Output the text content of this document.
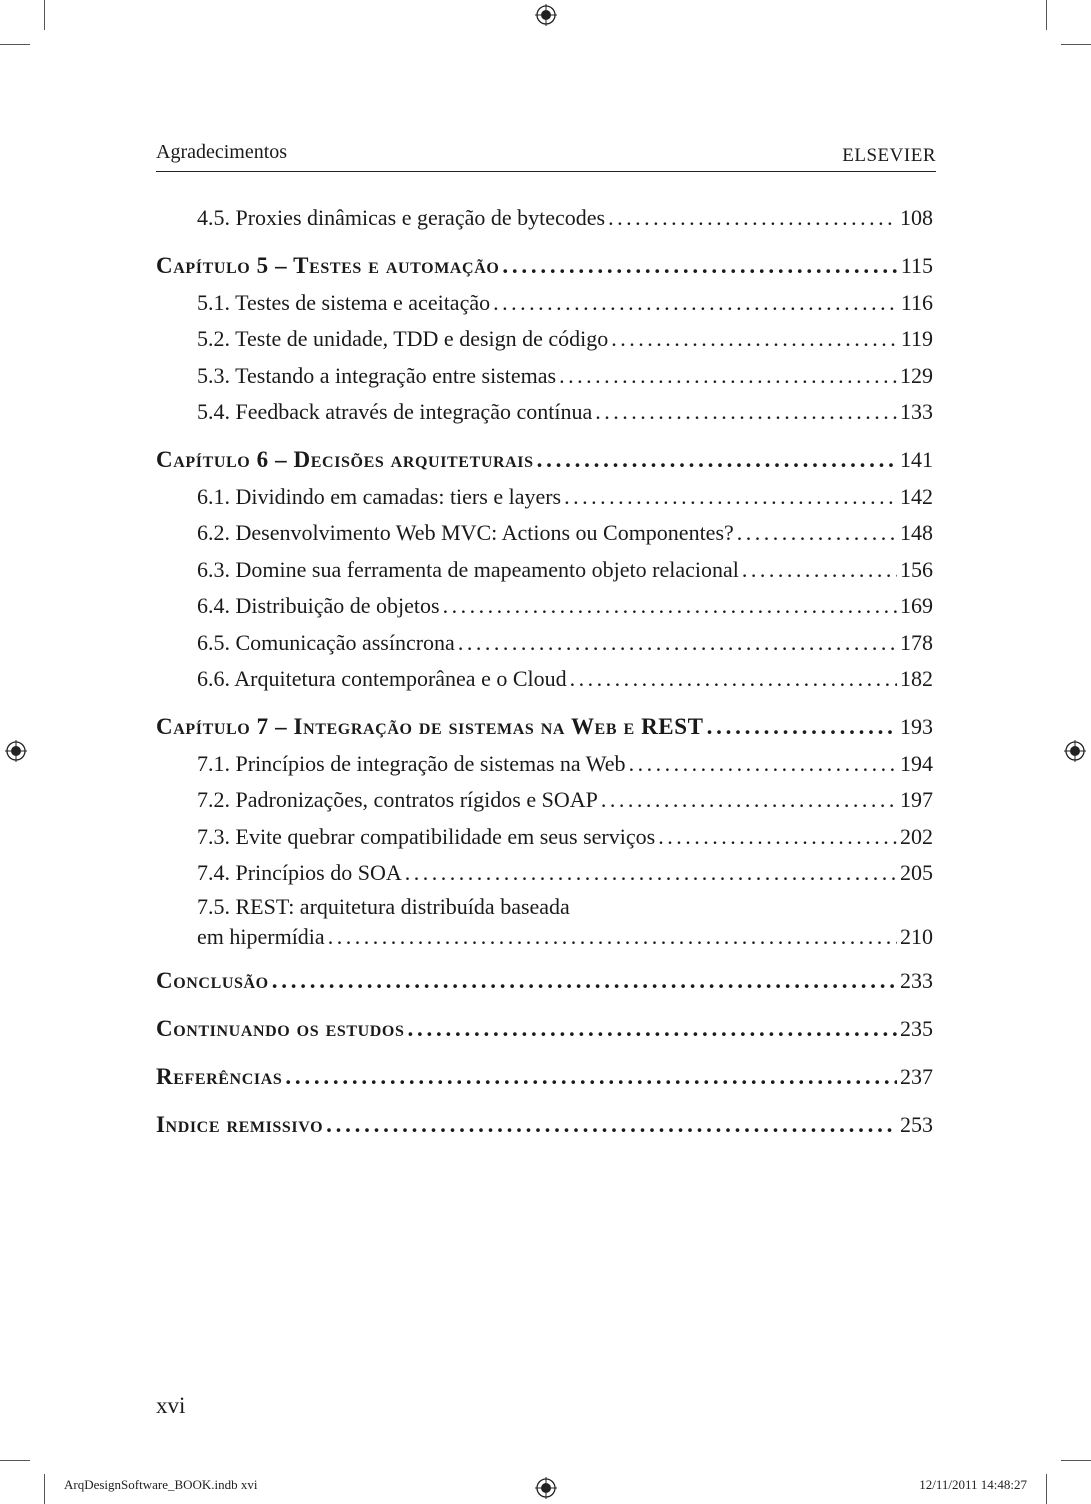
Agradecimentos	ELSEVIER
4.5. Proxies dinâmicas e geração de bytecodes . . .	108
Capítulo 5 – Testes e automação . . .	115
5.1. Testes de sistema e aceitação . . .	116
5.2. Teste de unidade, TDD e design de código . . .	119
5.3. Testando a integração entre sistemas . . .	129
5.4. Feedback através de integração contínua . . .	133
Capítulo 6 – Decisões arquiteturais . . .	141
6.1. Dividindo em camadas: tiers e layers . . .	142
6.2. Desenvolvimento Web MVC: Actions ou Componentes? . . .	148
6.3. Domine sua ferramenta de mapeamento objeto relacional . . .	156
6.4. Distribuição de objetos . . .	169
6.5. Comunicação assíncrona . . .	178
6.6. Arquitetura contemporânea e o Cloud . . .	182
Capítulo 7 – Integração de sistemas na Web e REST . . .	193
7.1. Princípios de integração de sistemas na Web . . .	194
7.2. Padronizações, contratos rígidos e SOAP . . .	197
7.3. Evite quebrar compatibilidade em seus serviços . . .	202
7.4. Princípios do SOA . . .	205
7.5. REST: arquitetura distribuída baseada
em hipermídia . . .	210
Conclusão . . .	233
Continuando os estudos . . .	235
Referências . . .	237
Indice remissivo . . .	253
xvi
ArqDesignSoftware_BOOK.indb xvi	12/11/2011 14:48:27
